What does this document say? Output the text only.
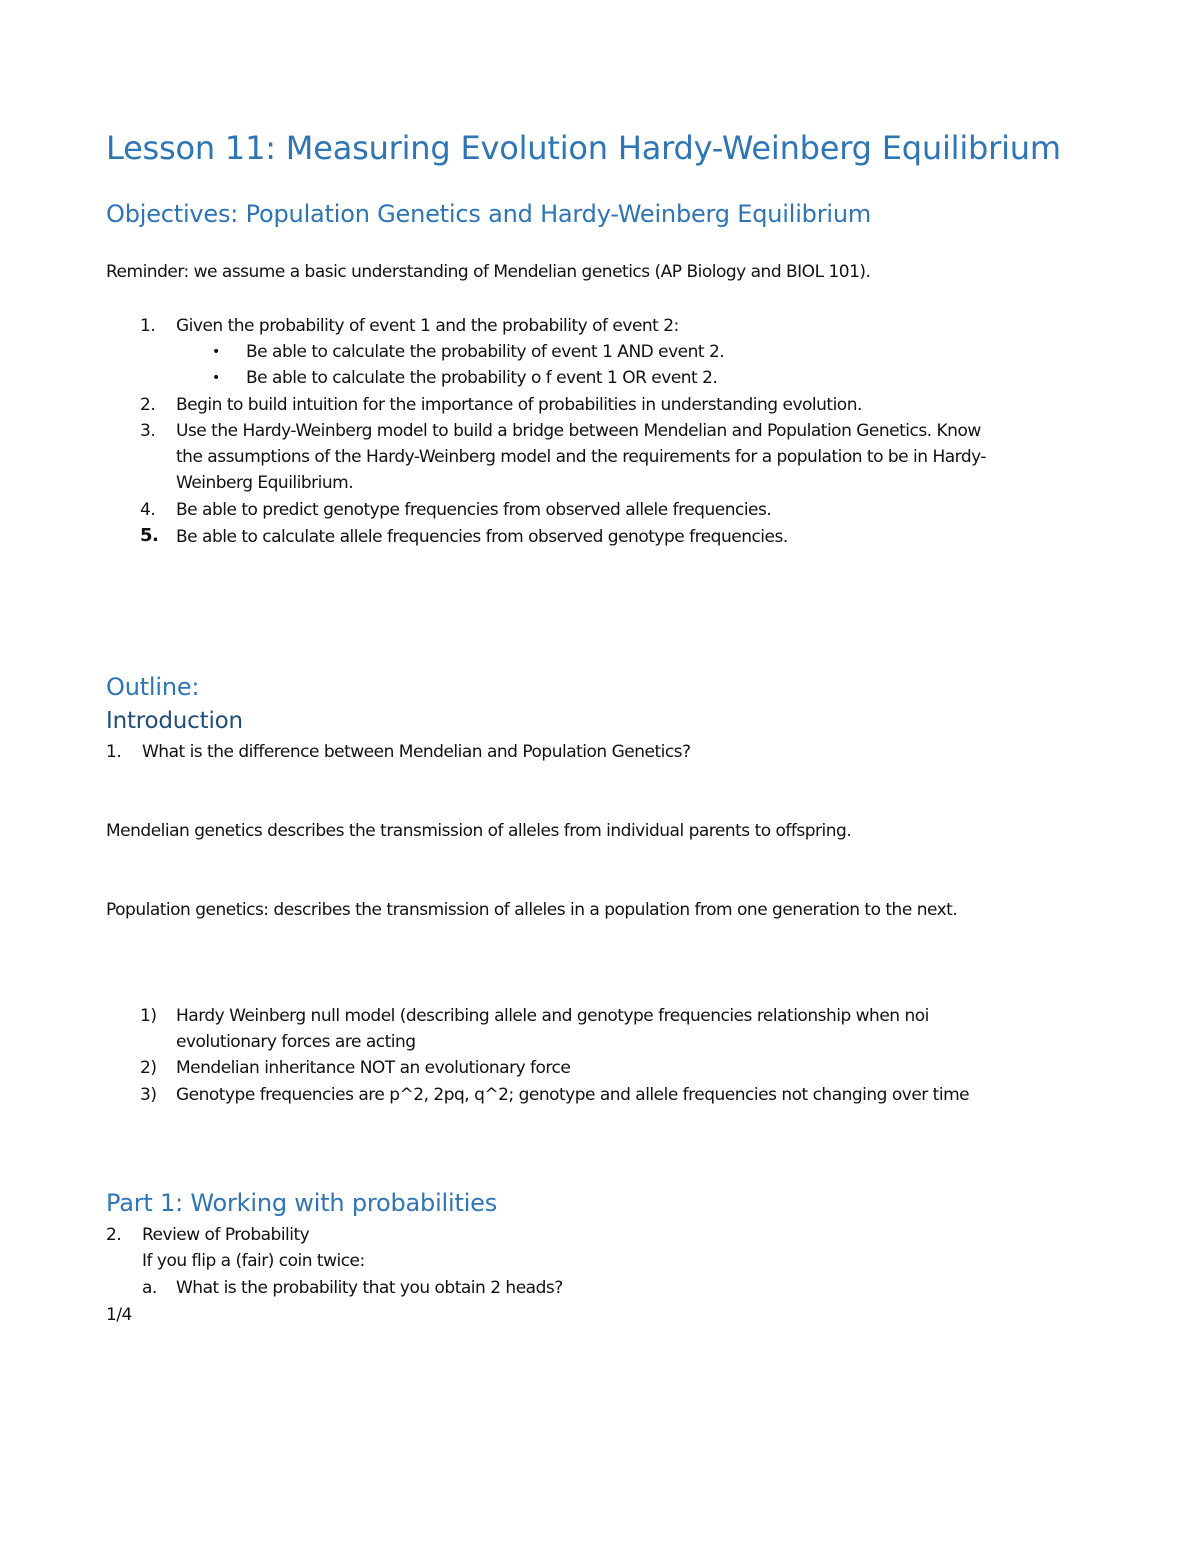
Lesson 11: Measuring Evolution Hardy-Weinberg Equilibrium
Objectives: Population Genetics and Hardy-Weinberg Equilibrium
Reminder: we assume a basic understanding of Mendelian genetics (AP Biology and BIOL 101).
1. Given the probability of event 1 and the probability of event 2:
• Be able to calculate the probability of event 1 AND event 2.
• Be able to calculate the probability o f event 1 OR event 2.
2. Begin to build intuition for the importance of probabilities in understanding evolution.
3. Use the Hardy-Weinberg model to build a bridge between Mendelian and Population Genetics. Know
the assumptions of the Hardy-Weinberg model and the requirements for a population to be in Hardy-
Weinberg Equilibrium.
4. Be able to predict genotype frequencies from observed allele frequencies.
5. Be able to calculate allele frequencies from observed genotype frequencies.
Outline:
Introduction
1. What is the difference between Mendelian and Population Genetics?
Mendelian genetics describes the transmission of alleles from individual parents to offspring.
Population genetics: describes the transmission of alleles in a population from one generation to the next.
1) Hardy Weinberg null model (describing allele and genotype frequencies relationship when noi
evolutionary forces are acting
2) Mendelian inheritance NOT an evolutionary force
3) Genotype frequencies are p^2, 2pq, q^2; genotype and allele frequencies not changing over time
Part 1: Working with probabilities
2. Review of Probability
If you flip a (fair) coin twice:
a. What is the probability that you obtain 2 heads?
1/4
